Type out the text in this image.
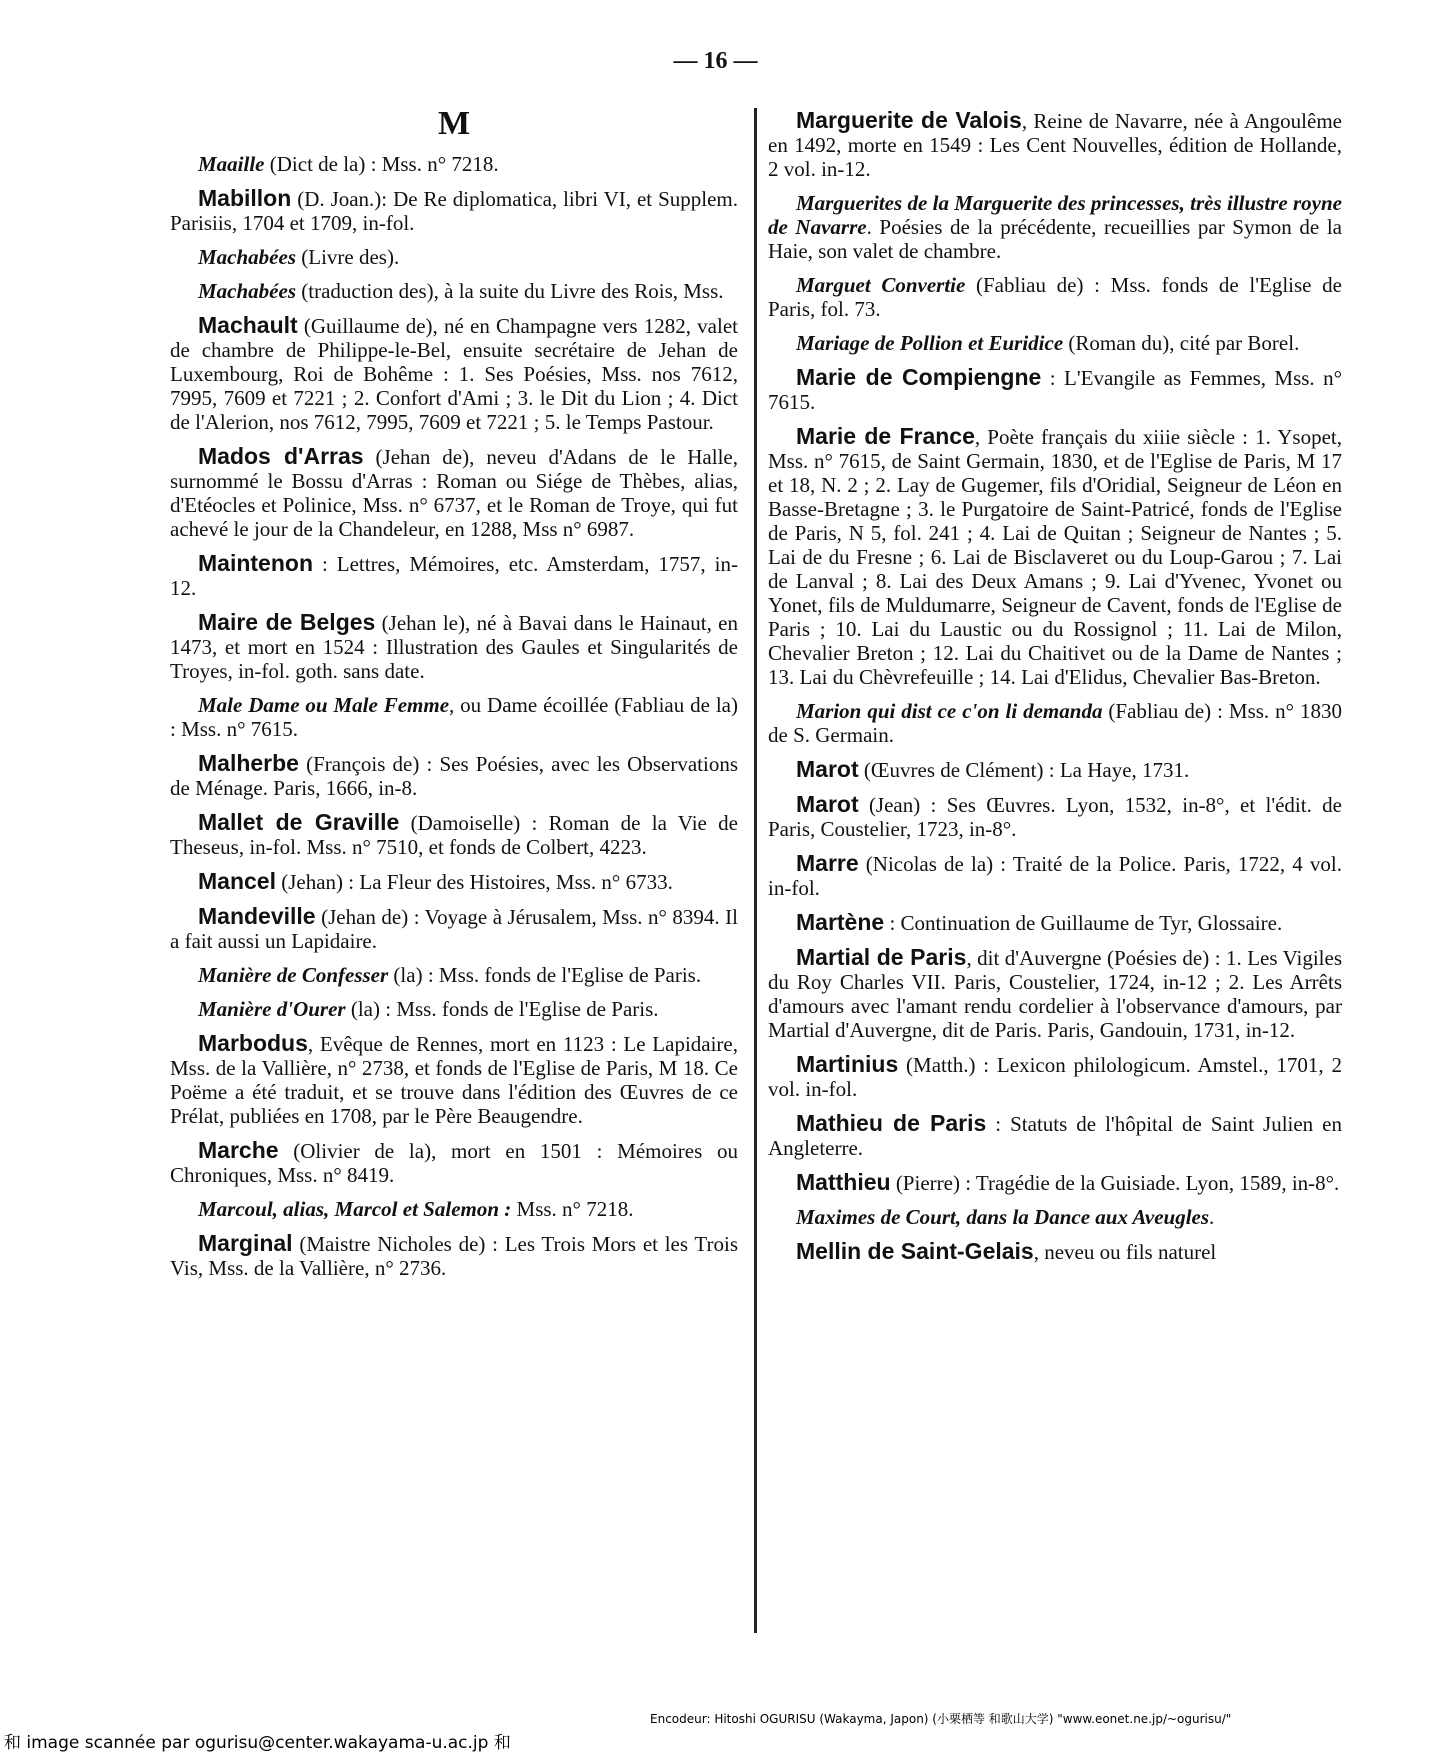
— 16 —
M
Maaille (Dict de la) : Mss. n° 7218.
Mabillon (D. Joan.): De Re diplomatica, libri VI, et Supplem. Parisiis, 1704 et 1709, in-fol.
Machabées (Livre des).
Machabées (traduction des), à la suite du Livre des Rois, Mss.
Machault (Guillaume de), né en Champagne vers 1282, valet de chambre de Philippe-le-Bel, ensuite secrétaire de Jehan de Luxembourg, Roi de Bohême : 1. Ses Poésies, Mss. nos 7612, 7995, 7609 et 7221 ; 2. Confort d'Ami ; 3. le Dit du Lion ; 4. Dict de l'Alerion, nos 7612, 7995, 7609 et 7221 ; 5. le Temps Pastour.
Mados d'Arras (Jehan de), neveu d'Adans de le Halle, surnommé le Bossu d'Arras : Roman ou Siége de Thèbes, alias, d'Etéocles et Polinice, Mss. n° 6737, et le Roman de Troye, qui fut achevé le jour de la Chandeleur, en 1288, Mss n° 6987.
Maintenon : Lettres, Mémoires, etc. Amsterdam, 1757, in-12.
Maire de Belges (Jehan le), né à Bavai dans le Hainaut, en 1473, et mort en 1524 : Illustration des Gaules et Singularités de Troyes, in-fol. goth. sans date.
Male Dame ou Male Femme, ou Dame écoillée (Fabliau de la) : Mss. n° 7615.
Malherbe (François de) : Ses Poésies, avec les Observations de Ménage. Paris, 1666, in-8.
Mallet de Graville (Damoiselle) : Roman de la Vie de Theseus, in-fol. Mss. n° 7510, et fonds de Colbert, 4223.
Mancel (Jehan) : La Fleur des Histoires, Mss. n° 6733.
Mandeville (Jehan de) : Voyage à Jérusalem, Mss. n° 8394. Il a fait aussi un Lapidaire.
Manière de Confesser (la) : Mss. fonds de l'Eglise de Paris.
Manière d'Ourer (la) : Mss. fonds de l'Eglise de Paris.
Marbodus, Evêque de Rennes, mort en 1123 : Le Lapidaire, Mss. de la Vallière, n° 2738, et fonds de l'Eglise de Paris, M 18. Ce Poëme a été traduit, et se trouve dans l'édition des Œuvres de ce Prélat, publiées en 1708, par le Père Beaugendre.
Marche (Olivier de la), mort en 1501 : Mémoires ou Chroniques, Mss. n° 8419.
Marcoul, alias, Marcol et Salemon : Mss. n° 7218.
Marginal (Maistre Nicholes de) : Les Trois Mors et les Trois Vis, Mss. de la Vallière, n° 2736.
Marguerite de Valois, Reine de Navarre, née à Angoulême en 1492, morte en 1549 : Les Cent Nouvelles, édition de Hollande, 2 vol. in-12.
Marguerites de la Marguerite des princesses, très illustre royne de Navarre. Poésies de la précédente, recueillies par Symon de la Haie, son valet de chambre.
Marguet Convertie (Fabliau de) : Mss. fonds de l'Eglise de Paris, fol. 73.
Mariage de Pollion et Euridice (Roman du), cité par Borel.
Marie de Compiengne : L'Evangile as Femmes, Mss. n° 7615.
Marie de France, Poète français du xiiie siècle : 1. Ysopet, Mss. n° 7615, de Saint Germain, 1830, et de l'Eglise de Paris, M 17 et 18, N. 2 ; 2. Lay de Gugemer, fils d'Oridial, Seigneur de Léon en Basse-Bretagne ; 3. le Purgatoire de Saint-Patricé, fonds de l'Eglise de Paris, N 5, fol. 241 ; 4. Lai de Quitan ; Seigneur de Nantes ; 5. Lai de du Fresne ; 6. Lai de Bisclaveret ou du Loup-Garou ; 7. Lai de Lanval ; 8. Lai des Deux Amans ; 9. Lai d'Yvenec, Yvonet ou Yonet, fils de Muldumarre, Seigneur de Cavent, fonds de l'Eglise de Paris ; 10. Lai du Laustic ou du Rossignol ; 11. Lai de Milon, Chevalier Breton ; 12. Lai du Chaitivet ou de la Dame de Nantes ; 13. Lai du Chèvrefeuille ; 14. Lai d'Elidus, Chevalier Bas-Breton.
Marion qui dist ce c'on li demanda (Fabliau de) : Mss. n° 1830 de S. Germain.
Marot (Œuvres de Clément) : La Haye, 1731.
Marot (Jean) : Ses Œuvres. Lyon, 1532, in-8°, et l'édit. de Paris, Coustelier, 1723, in-8°.
Marre (Nicolas de la) : Traité de la Police. Paris, 1722, 4 vol. in-fol.
Martène : Continuation de Guillaume de Tyr, Glossaire.
Martial de Paris, dit d'Auvergne (Poésies de) : 1. Les Vigiles du Roy Charles VII. Paris, Coustelier, 1724, in-12 ; 2. Les Arrêts d'amours avec l'amant rendu cordelier à l'observance d'amours, par Martial d'Auvergne, dit de Paris. Paris, Gandouin, 1731, in-12.
Martinius (Matth.) : Lexicon philologicum. Amstel., 1701, 2 vol. in-fol.
Mathieu de Paris : Statuts de l'hôpital de Saint Julien en Angleterre.
Matthieu (Pierre) : Tragédie de la Guisiade. Lyon, 1589, in-8°.
Maximes de Court, dans la Dance aux Aveugles.
Mellin de Saint-Gelais, neveu ou fils naturel
Encodeur: Hitoshi OGURISU (Wakayma, Japon) (小栗栖等 和歌山大学) "www.eonet.ne.jp/~ogurisu/"
和 image scannée par ogurisu@center.wakayama-u.ac.jp 和
